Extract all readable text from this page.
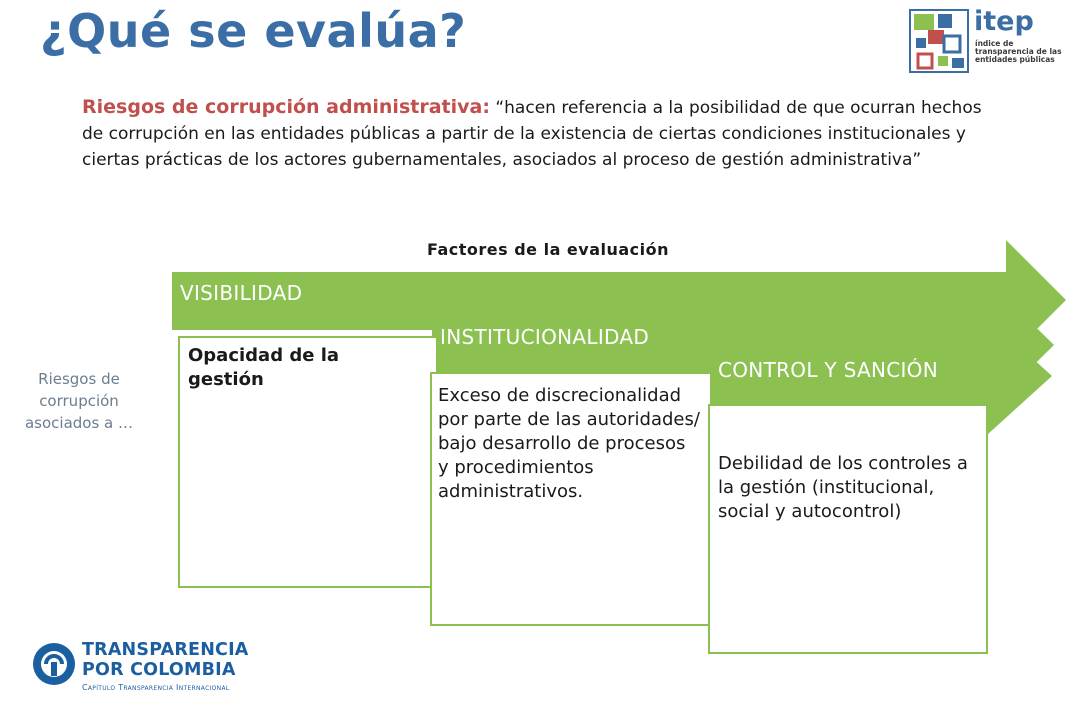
¿Qué se evalúa?	itep
índice de transparencia de las entidades públicas
Riesgos de corrupción administrativa: “hacen referencia a la posibilidad de que ocurran hechos de corrupción en las entidades públicas a partir de la existencia de ciertas condiciones institucionales y ciertas prácticas de los actores gubernamentales, asociados al proceso de gestión administrativa”
Factores de la evaluación
VISIBILIDAD
INSTITUCIONALIDAD
CONTROL Y SANCIÓN
Opacidad de la gestión
Exceso de discrecionalidad por parte de las autoridades/ bajo desarrollo de procesos y procedimientos administrativos.
Debilidad de los controles a la gestión (institucional, social y autocontrol)
Riesgos de corrupción asociados a …
TRANSPARENCIA
POR COLOMBIA
Capítulo Transparencia Internacional
